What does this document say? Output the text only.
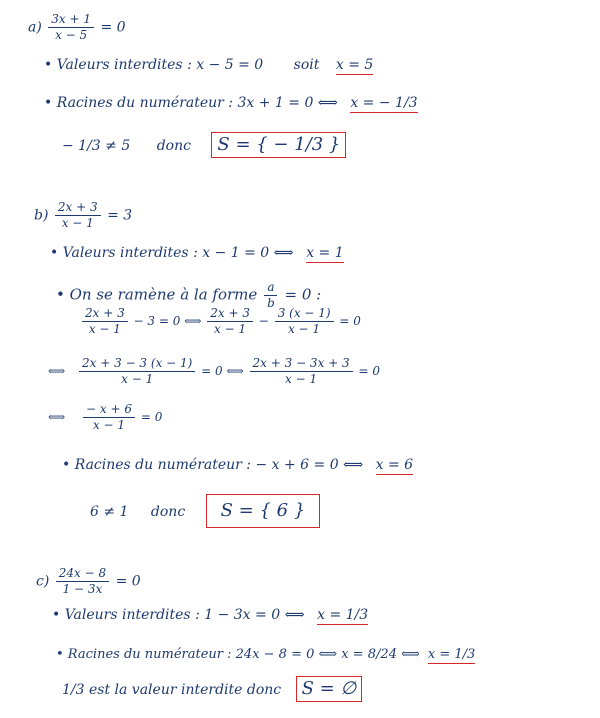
$a) \frac{3x + 1}{x - 5} = 0$
• Valeurs interdites : x − 5 = 0 soit x = 5
• Racines du numérateur : 3x + 1 = 0 ⟺ x = − 1/3
− 1/3 ≠ 5 donc S = { − 1/3 }
$b) \frac{2x + 3}{x - 1} = 3$
• Valeurs interdites : x − 1 = 0 ⟺ x = 1
• On se ramène à la forme $\frac{a}{b} = 0$ :
$\frac{2x + 3}{x - 1} - 3 = 0$ ⟺ $\frac{2x + 3}{x - 1} - \frac{3 (x - 1)}{x - 1} = 0$
⟺ $\frac{2x + 3 - 3 (x - 1)}{x - 1} = 0$ ⟺ $\frac{2x + 3 - 3x + 3}{x - 1} = 0$
⟺ $\frac{- x + 6}{x - 1} = 0$
• Racines du numérateur : − x + 6 = 0 ⟺ x = 6
6 ≠ 1 donc S = { 6 }
$c) \frac{24x - 8}{1 - 3x} = 0$
• Valeurs interdites : 1 − 3x = 0 ⟺ x = 1/3
• Racines du numérateur : 24x − 8 = 0 ⟺ x = 8/24 ⟺ x = 1/3
1/3 est la valeur interdite donc S = ∅
